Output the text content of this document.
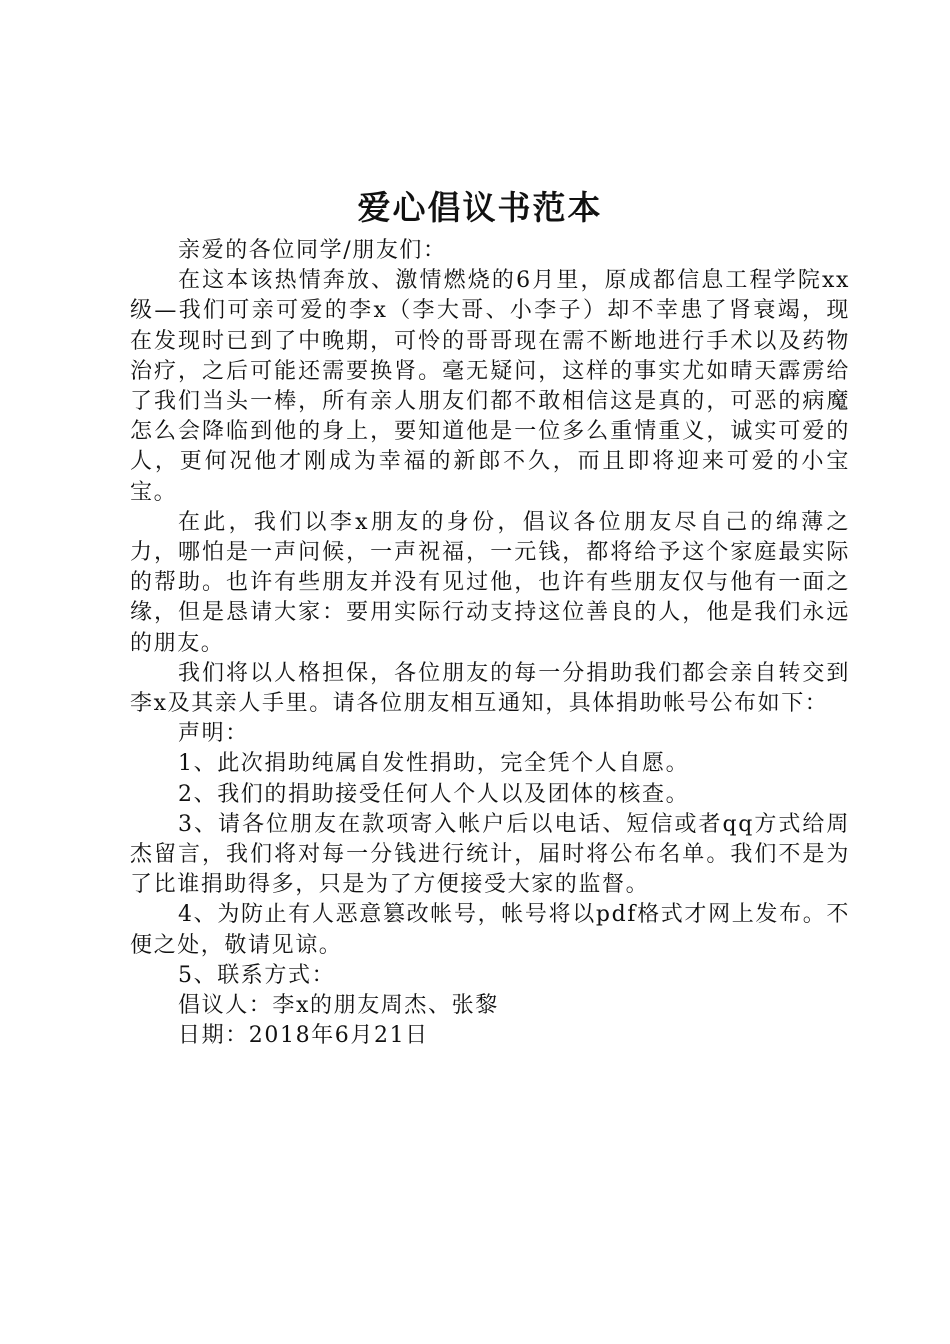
爱心倡议书范本

亲爱的各位同学/朋友们：

在这本该热情奔放、激情燃烧的6月里，原成都信息工程学院xx级—我们可亲可爱的李x（李大哥、小李子）却不幸患了肾衰竭，现在发现时已到了中晚期，可怜的哥哥现在需不断地进行手术以及药物治疗，之后可能还需要换肾。毫无疑问，这样的事实尤如晴天霹雳给了我们当头一棒，所有亲人朋友们都不敢相信这是真的，可恶的病魔怎么会降临到他的身上，要知道他是一位多么重情重义，诚实可爱的人，更何况他才刚成为幸福的新郎不久，而且即将迎来可爱的小宝宝。

在此，我们以李x朋友的身份，倡议各位朋友尽自己的绵薄之力，哪怕是一声问候，一声祝福，一元钱，都将给予这个家庭最实际的帮助。也许有些朋友并没有见过他，也许有些朋友仅与他有一面之缘，但是恳请大家：要用实际行动支持这位善良的人，他是我们永远的朋友。

我们将以人格担保，各位朋友的每一分捐助我们都会亲自转交到李x及其亲人手里。请各位朋友相互通知，具体捐助帐号公布如下：

声明：

1、此次捐助纯属自发性捐助，完全凭个人自愿。

2、我们的捐助接受任何人个人以及团体的核查。

3、请各位朋友在款项寄入帐户后以电话、短信或者qq方式给周杰留言，我们将对每一分钱进行统计，届时将公布名单。我们不是为了比谁捐助得多，只是为了方便接受大家的监督。

4、为防止有人恶意篡改帐号，帐号将以pdf格式才网上发布。不便之处，敬请见谅。

5、联系方式：

倡议人：李x的朋友周杰、张黎

日期：2018年6月21日
